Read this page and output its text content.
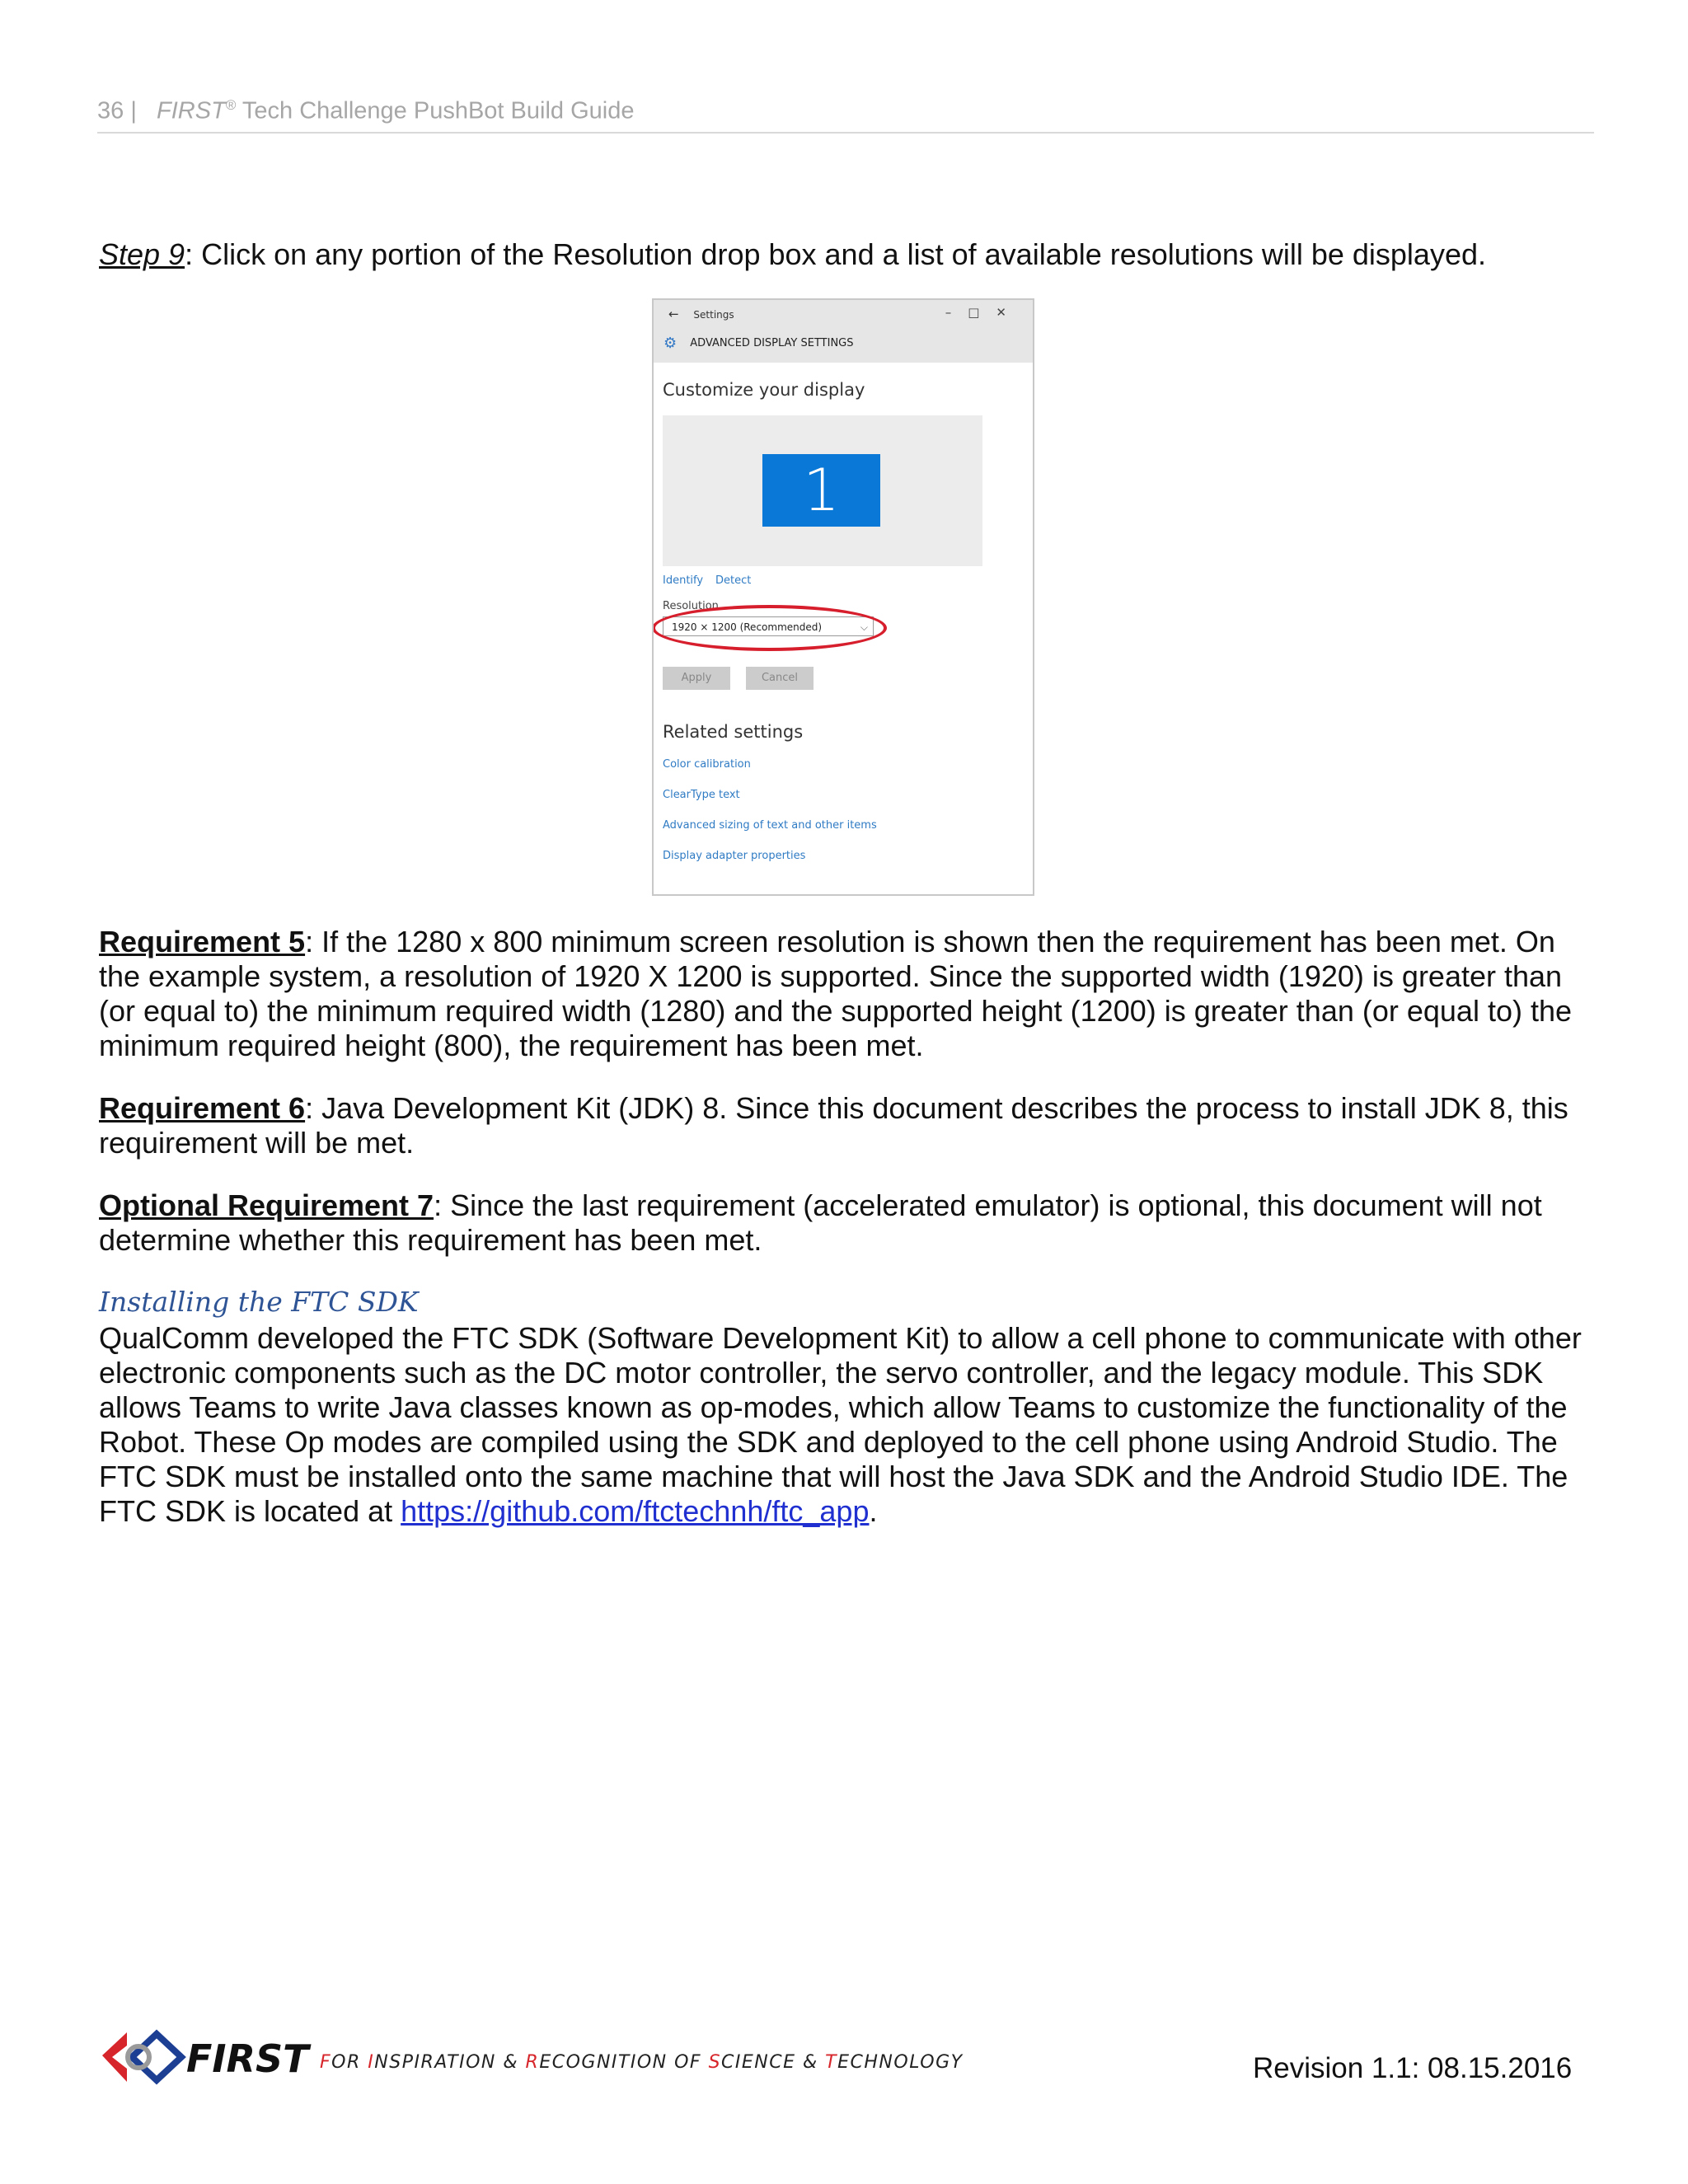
36 | FIRST® Tech Challenge PushBot Build Guide
Step 9: Click on any portion of the Resolution drop box and a list of available resolutions will be displayed.
← Settings	–□✕
⚙ ADVANCED DISPLAY SETTINGS
Customize your display
1
Identify Detect
Resolution
1920 × 1200 (Recommended)	⌵
Apply	Cancel
Related settings
Color calibration
ClearType text
Advanced sizing of text and other items
Display adapter properties
Requirement 5: If the 1280 x 800 minimum screen resolution is shown then the requirement has been met. On the example system, a resolution of 1920 X 1200 is supported. Since the supported width (1920) is greater than (or equal to) the minimum required width (1280) and the supported height (1200) is greater than (or equal to) the minimum required height (800), the requirement has been met.
Requirement 6: Java Development Kit (JDK) 8. Since this document describes the process to install JDK 8, this requirement will be met.
Optional Requirement 7: Since the last requirement (accelerated emulator) is optional, this document will not determine whether this requirement has been met.
Installing the FTC SDK
QualComm developed the FTC SDK (Software Development Kit) to allow a cell phone to communicate with other electronic components such as the DC motor controller, the servo controller, and the legacy module. This SDK allows Teams to write Java classes known as op-modes, which allow Teams to customize the functionality of the Robot. These Op modes are compiled using the SDK and deployed to the cell phone using Android Studio. The FTC SDK must be installed onto the same machine that will host the Java SDK and the Android Studio IDE. The FTC SDK is located at https://github.com/ftctechnh/ftc_app.
FIRST FOR INSPIRATION & RECOGNITION OF SCIENCE & TECHNOLOGY	Revision 1.1: 08.15.2016
